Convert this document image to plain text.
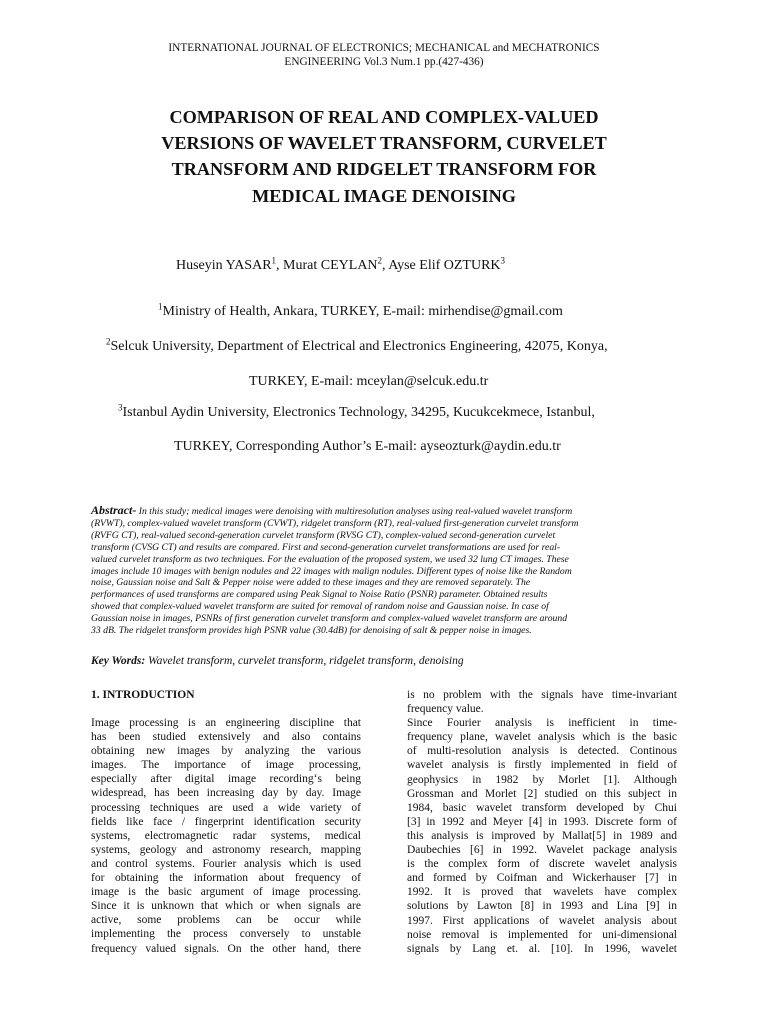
INTERNATIONAL JOURNAL OF ELECTRONICS; MECHANICAL and MECHATRONICS
ENGINEERING Vol.3 Num.1 pp.(427-436)
COMPARISON OF REAL AND COMPLEX-VALUED
VERSIONS OF WAVELET TRANSFORM, CURVELET
TRANSFORM AND RIDGELET TRANSFORM FOR
MEDICAL IMAGE DENOISING
Huseyin YASAR$^1$, Murat CEYLAN$^2$, Ayse Elif OZTURK$^3$
$^1$Ministry of Health, Ankara, TURKEY, E-mail: mirhendise@gmail.com
$^2$Selcuk University, Department of Electrical and Electronics Engineering, 42075, Konya,
TURKEY, E-mail: mceylan@selcuk.edu.tr
$^3$Istanbul Aydin University, Electronics Technology, 34295, Kucukcekmece, Istanbul,
TURKEY, Corresponding Author’s E-mail: ayseozturk@aydin.edu.tr
Abstract- In this study; medical images were denoising with multiresolution analyses using real-valued wavelet transform
(RVWT), complex-valued wavelet transform (CVWT), ridgelet transform (RT), real-valued first-generation curvelet transform
(RVFG CT), real-valued second-generation curvelet transform (RVSG CT), complex-valued second-generation curvelet
transform (CVSG CT) and results are compared. First and second-generation curvelet transformations are used for real-
valued curvelet transform as two techniques. For the evaluation of the proposed system, we used 32 lung CT images. These
images include 10 images with benign nodules and 22 images with malign nodules. Different types of noise like the Random
noise, Gaussian noise and Salt & Pepper noise were added to these images and they are removed separately. The
performances of used transforms are compared using Peak Signal to Noise Ratio (PSNR) parameter. Obtained results
showed that complex-valued wavelet transform are suited for removal of random noise and Gaussian noise. In case of
Gaussian noise in images, PSNRs of first generation curvelet transform and complex-valued wavelet transform are around
33 dB. The ridgelet transform provides high PSNR value (30.4dB) for denoising of salt & pepper noise in images.
Key Words: Wavelet transform, curvelet transform, ridgelet transform, denoising
1. INTRODUCTION
Image processing is an engineering discipline that
has been studied extensively and also contains
obtaining new images by analyzing the various
images. The importance of image processing,
especially after digital image recording‘s being
widespread, has been increasing day by day. Image
processing techniques are used a wide variety of
fields like face / fingerprint identification security
systems, electromagnetic radar systems, medical
systems, geology and astronomy research, mapping
and control systems. Fourier analysis which is used
for obtaining the information about frequency of
image is the basic argument of image processing.
Since it is unknown that which or when signals are
active, some problems can be occur while
implementing the process conversely to unstable
frequency valued signals. On the other hand, there
is no problem with the signals have time-invariant
frequency value.
Since Fourier analysis is inefficient in time-
frequency plane, wavelet analysis which is the basic
of multi-resolution analysis is detected. Continous
wavelet analysis is firstly implemented in field of
geophysics in 1982 by Morlet [1]. Although
Grossman and Morlet [2] studied on this subject in
1984, basic wavelet transform developed by Chui
[3] in 1992 and Meyer [4] in 1993. Discrete form of
this analysis is improved by Mallat[5] in 1989 and
Daubechies [6] in 1992. Wavelet package analysis
is the complex form of discrete wavelet analysis
and formed by Coifman and Wickerhauser [7] in
1992. It is proved that wavelets have complex
solutions by Lawton [8] in 1993 and Lina [9] in
1997. First applications of wavelet analysis about
noise removal is implemented for uni-dimensional
signals by Lang et. al. [10]. In 1996, wavelet
